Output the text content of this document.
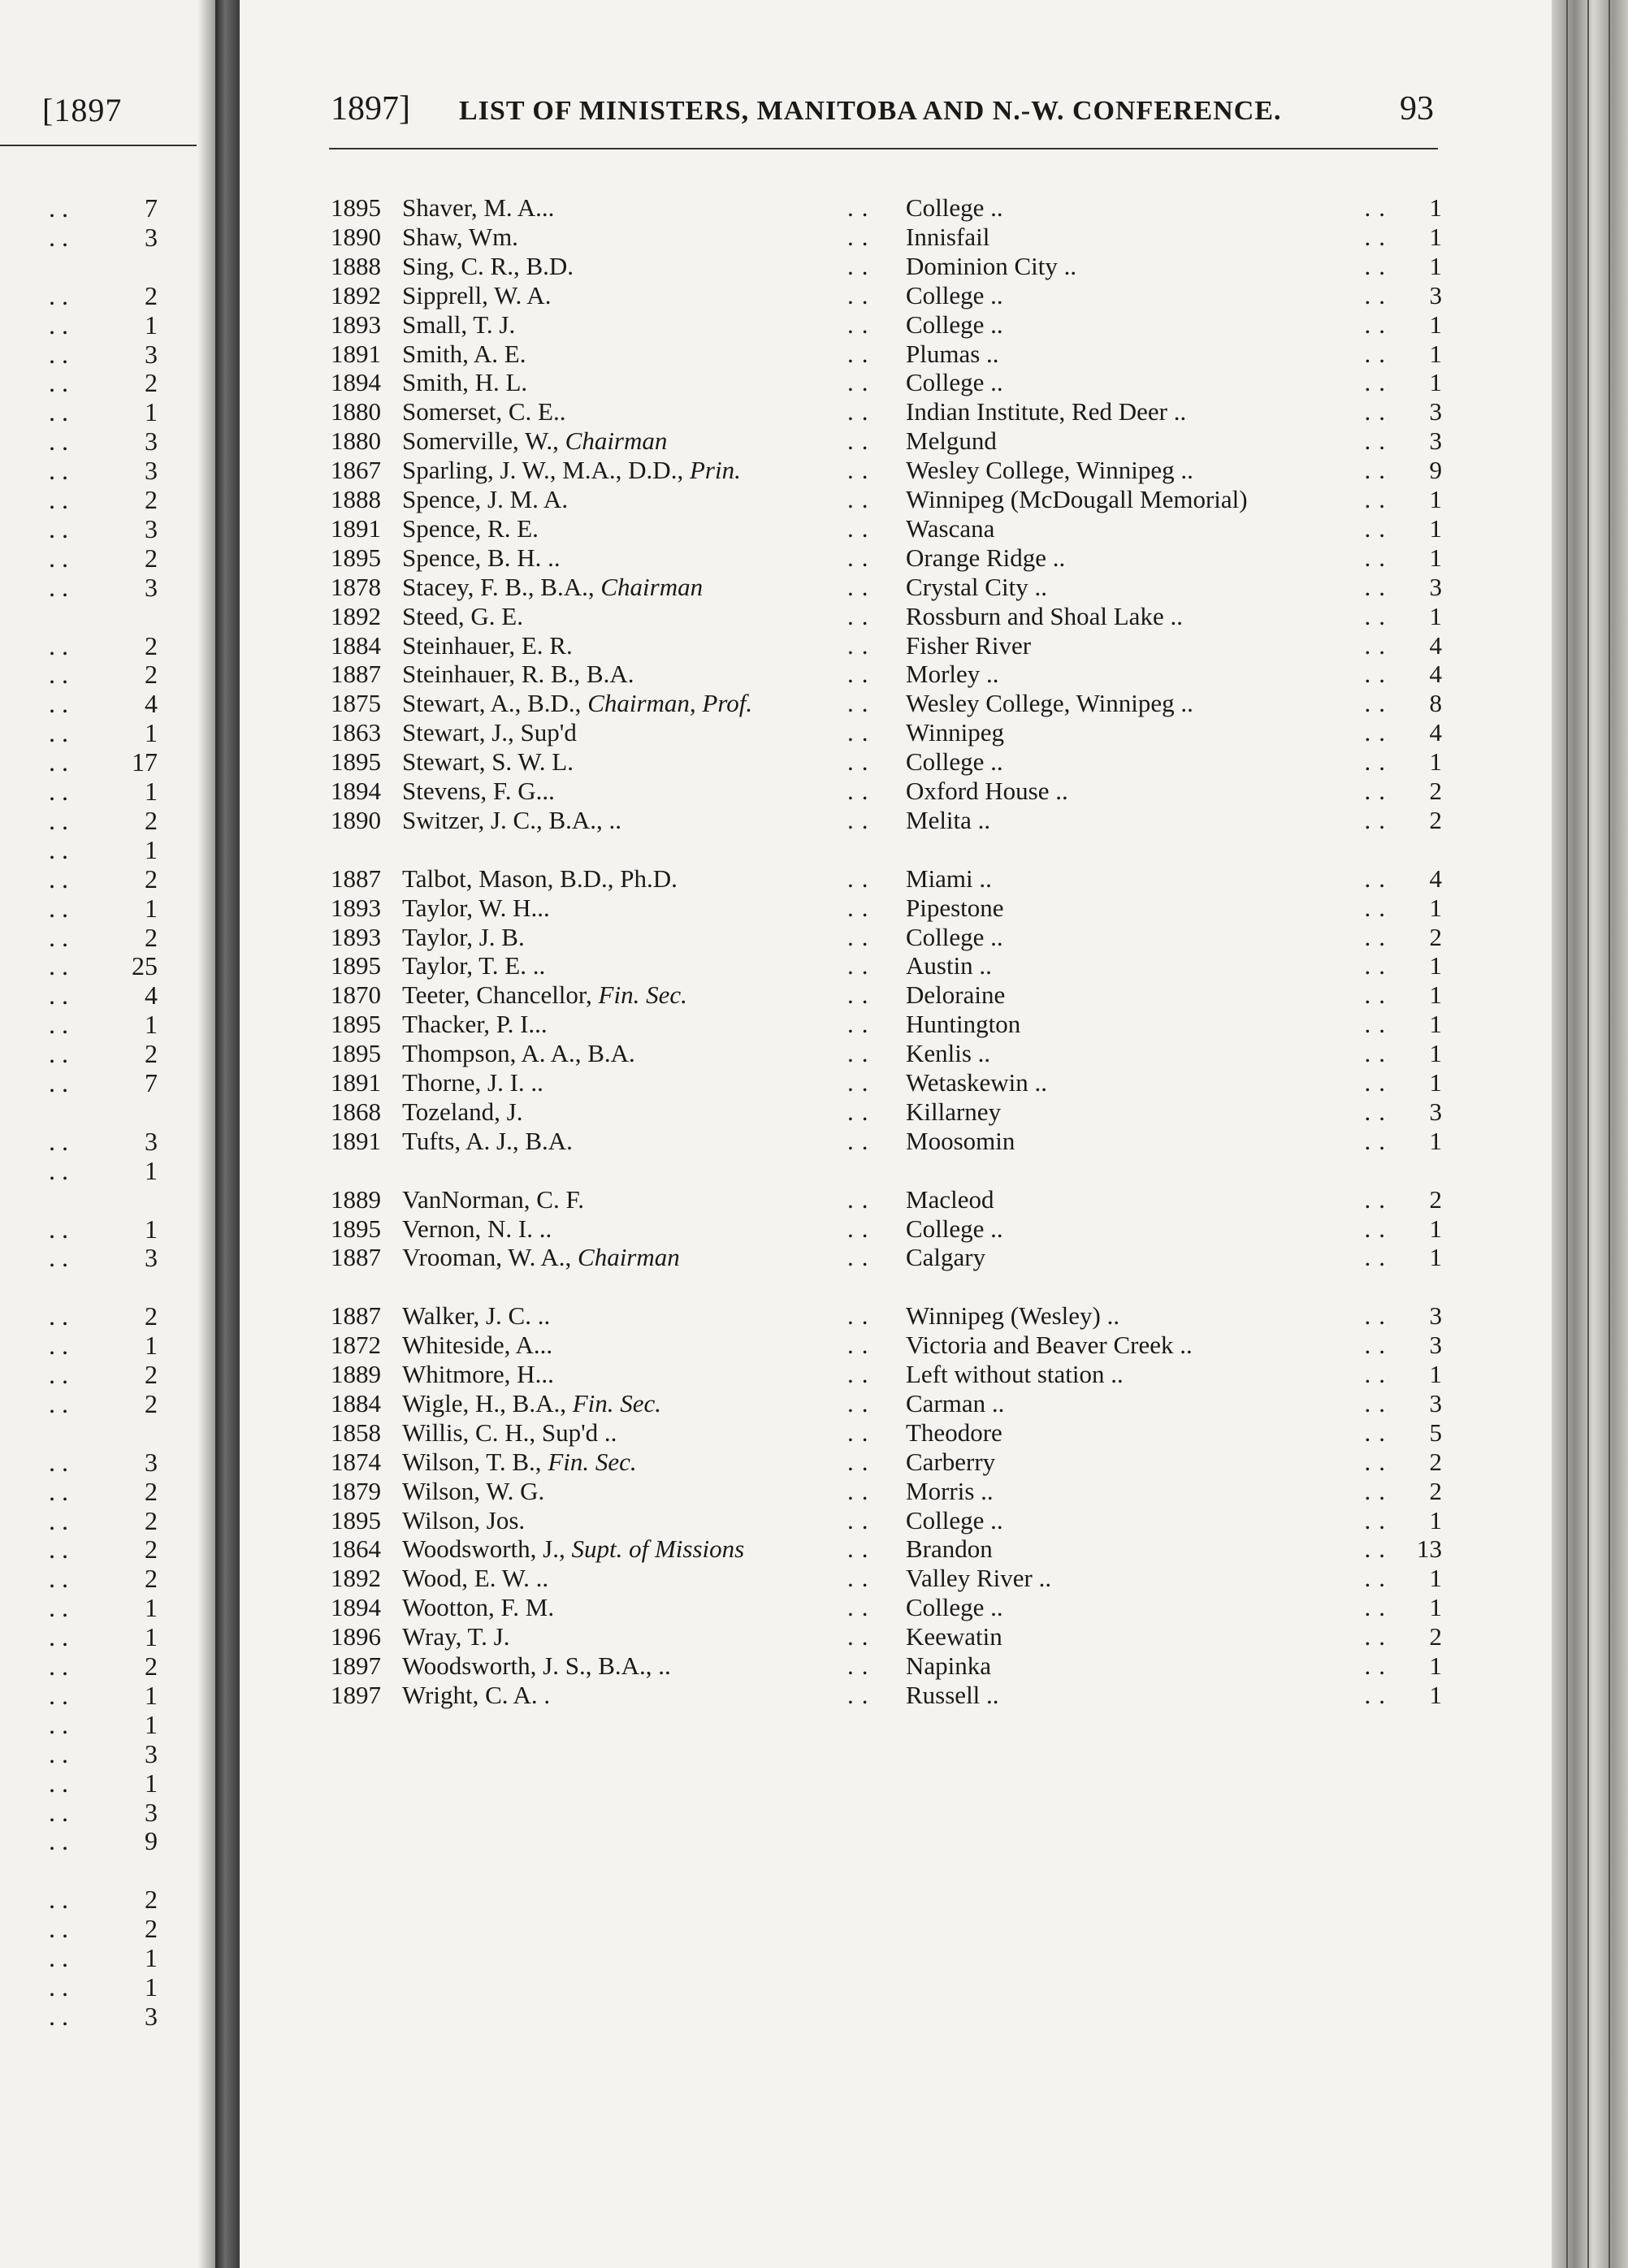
[1897
..	7
..	3
..	2
..	1
..	3
..	2
..	1
..	3
..	3
..	2
..	3
..	2
..	3
..	2
..	2
..	4
..	1
.. 17
..	1
..	2
..	1
..	2
..	1
..	2
.. 25
..	4
..	1
..	2
..	7
..	3
..	1
..	1
..	3
..	2
..	1
..	2
..	2
..	3
..	2
..	2
..	2
..	2
..	1
..	1
..	2
..	1
..	1
..	3
..	1
..	3
..	9
..	2
..	2
..	1
..	1
..	3
1897] LIST OF MINISTERS, MANITOBA AND N.-W. CONFERENCE.	93
1895 Shaver, M. A...	..	College ..	..	1
1890 Shaw, Wm.	..	Innisfail	..	1
1888 Sing, C. R., B.D.	..	Dominion City ..	..	1
1892 Sipprell, W. A.	..	College ..	..	3
1893 Small, T. J.	..	College ..	..	1
1891 Smith, A. E.	..	Plumas ..	..	1
1894 Smith, H. L.	..	College ..	..	1
1880 Somerset, C. E..	..	Indian Institute, Red Deer ..	..	3
1880 Somerville, W., Chairman	..	Melgund	..	3
1867 Sparling, J. W., M.A., D.D., Prin.	..	Wesley College, Winnipeg ..	..	9
1888 Spence, J. M. A.	..	Winnipeg (McDougall Memorial)	..	1
1891 Spence, R. E.	..	Wascana	..	1
1895 Spence, B. H. ..	..	Orange Ridge ..	..	1
1878 Stacey, F. B., B.A., Chairman	..	Crystal City ..	..	3
1892 Steed, G. E.	..	Rossburn and Shoal Lake ..	..	1
1884 Steinhauer, E. R.	..	Fisher River	..	4
1887 Steinhauer, R. B., B.A.	..	Morley ..	..	4
1875 Stewart, A., B.D., Chairman, Prof.	..	Wesley College, Winnipeg ..	..	8
1863 Stewart, J., Sup'd	..	Winnipeg	..	4
1895 Stewart, S. W. L.	..	College ..	..	1
1894 Stevens, F. G...	..	Oxford House ..	..	2
1890 Switzer, J. C., B.A., ..	..	Melita ..	..	2
1887 Talbot, Mason, B.D., Ph.D.	..	Miami ..	..	4
1893 Taylor, W. H...	..	Pipestone	..	1
1893 Taylor, J. B.	..	College ..	..	2
1895 Taylor, T. E. ..	..	Austin ..	..	1
1870 Teeter, Chancellor, Fin. Sec.	..	Deloraine	..	1
1895 Thacker, P. I...	..	Huntington	..	1
1895 Thompson, A. A., B.A.	..	Kenlis ..	..	1
1891 Thorne, J. I. ..	..	Wetaskewin ..	..	1
1868 Tozeland, J.	..	Killarney	..	3
1891 Tufts, A. J., B.A.	..	Moosomin	..	1
1889 VanNorman, C. F.	..	Macleod	..	2
1895 Vernon, N. I. ..	..	College ..	..	1
1887 Vrooman, W. A., Chairman	..	Calgary	..	1
1887 Walker, J. C. ..	..	Winnipeg (Wesley) ..	..	3
1872 Whiteside, A...	..	Victoria and Beaver Creek ..	..	3
1889 Whitmore, H...	..	Left without station ..	..	1
1884 Wigle, H., B.A., Fin. Sec.	..	Carman ..	..	3
1858 Willis, C. H., Sup'd ..	..	Theodore	..	5
1874 Wilson, T. B., Fin. Sec.	..	Carberry	..	2
1879 Wilson, W. G.	..	Morris ..	..	2
1895 Wilson, Jos.	..	College ..	..	1
1864 Woodsworth, J., Supt. of Missions	..	Brandon	.. 13
1892 Wood, E. W. ..	..	Valley River ..	..	1
1894 Wootton, F. M.	..	College ..	..	1
1896 Wray, T. J.	..	Keewatin	..	2
1897 Woodsworth, J. S., B.A., ..	..	Napinka	..	1
1897 Wright, C. A. .	..	Russell ..	..	1
